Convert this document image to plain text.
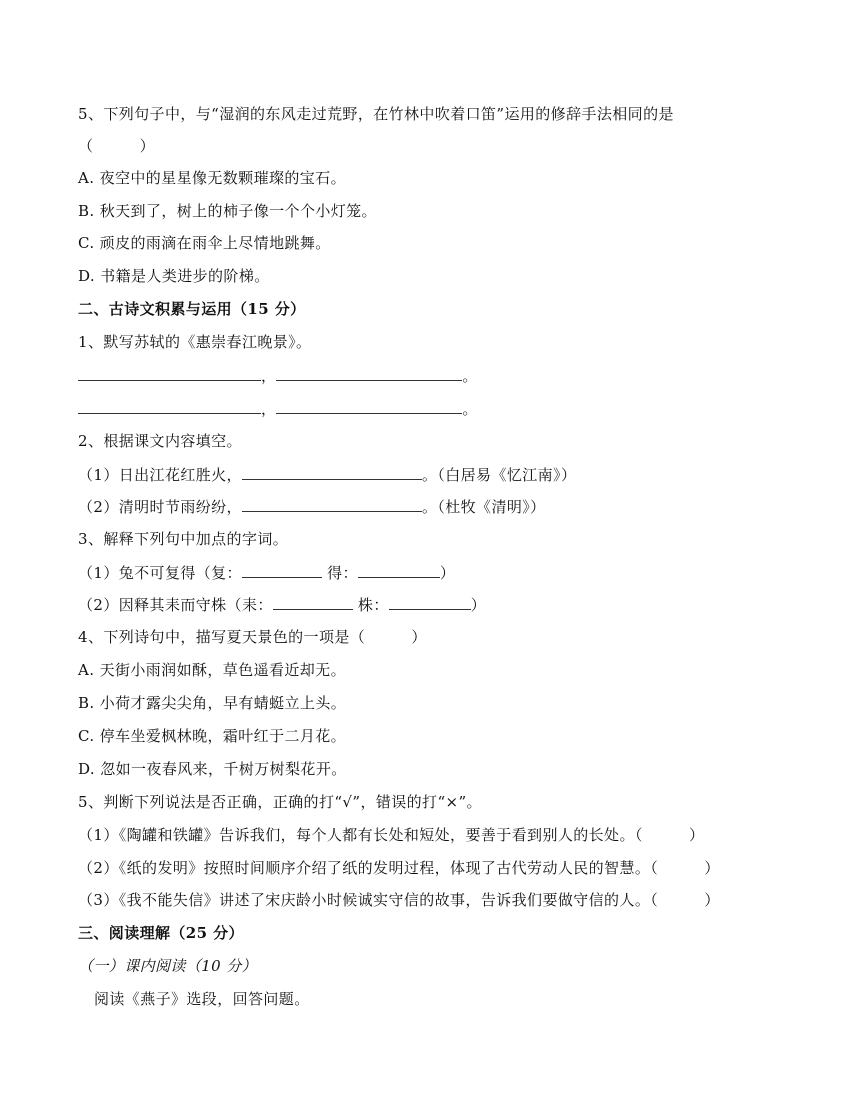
5、下列句子中，与“湿润的东风走过荒野，在竹林中吹着口笛”运用的修辞手法相同的是
（　　　）
A. 夜空中的星星像无数颗璀璨的宝石。
B. 秋天到了，树上的柿子像一个个小灯笼。
C. 顽皮的雨滴在雨伞上尽情地跳舞。
D. 书籍是人类进步的阶梯。
二、古诗文积累与运用（15 分）
1、默写苏轼的《惠崇春江晚景》。
，	。
，	。
2、根据课文内容填空。
（1）日出江花红胜火，	。（白居易《忆江南》）
（2）清明时节雨纷纷，	。（杜牧《清明》）
3、解释下列句中加点的字词。
（1）兔不可复得（复：	得：	）
（2）因释其耒而守株（耒：	株：	）
4、下列诗句中，描写夏天景色的一项是（　　　）
A. 天街小雨润如酥，草色遥看近却无。
B. 小荷才露尖尖角，早有蜻蜓立上头。
C. 停车坐爱枫林晚，霜叶红于二月花。
D. 忽如一夜春风来，千树万树梨花开。
5、判断下列说法是否正确，正确的打“√”，错误的打“×”。
（1）《陶罐和铁罐》告诉我们，每个人都有长处和短处，要善于看到别人的长处。（　　　）
（2）《纸的发明》按照时间顺序介绍了纸的发明过程，体现了古代劳动人民的智慧。（　　　）
（3）《我不能失信》讲述了宋庆龄小时候诚实守信的故事，告诉我们要做守信的人。（　　　）
三、阅读理解（25 分）
（一）课内阅读（10 分）
阅读《燕子》选段，回答问题。
